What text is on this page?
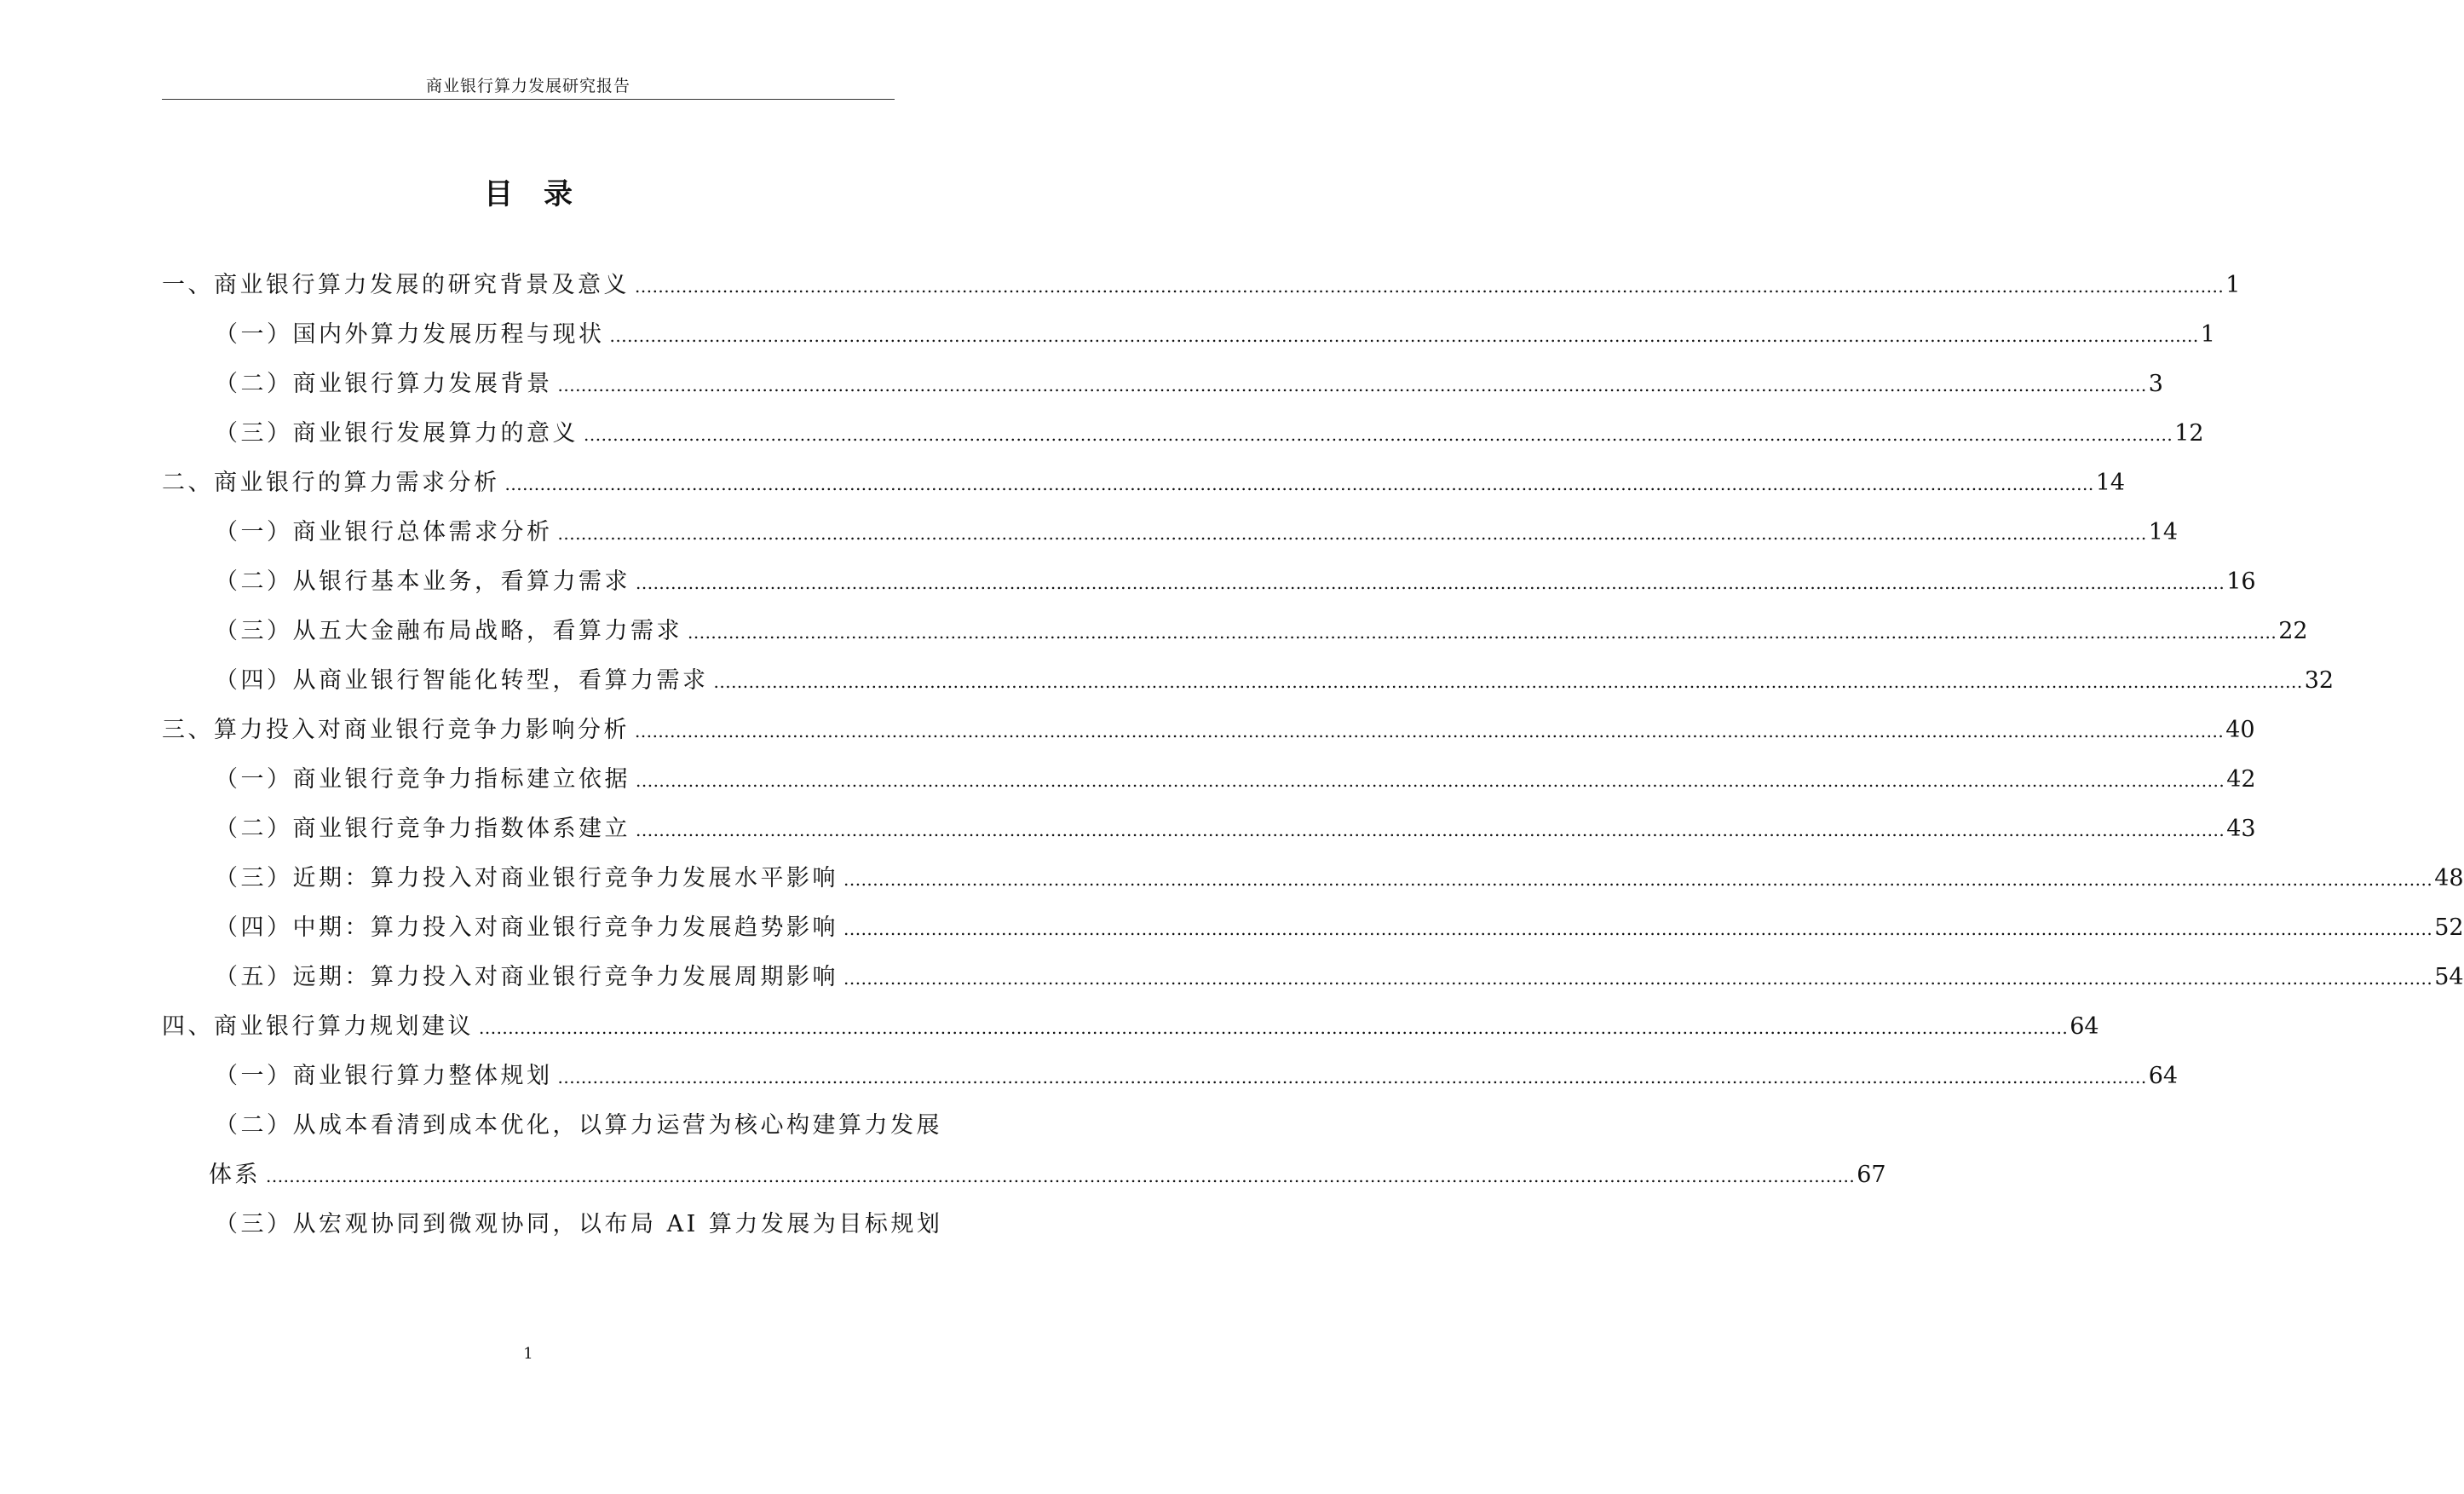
商业银行算力发展研究报告
目 录
一、商业银行算力发展的研究背景及意义 ................................................................................................................................................................................................................................................................................ 1
（一）国内外算力发展历程与现状 ................................................................................................................................................................................................................................................................................ 1
（二）商业银行算力发展背景 ................................................................................................................................................................................................................................................................................ 3
（三）商业银行发展算力的意义 ................................................................................................................................................................................................................................................................................ 12
二、商业银行的算力需求分析 ................................................................................................................................................................................................................................................................................ 14
（一）商业银行总体需求分析 ................................................................................................................................................................................................................................................................................ 14
（二）从银行基本业务，看算力需求 ................................................................................................................................................................................................................................................................................ 16
（三）从五大金融布局战略，看算力需求 ................................................................................................................................................................................................................................................................................ 22
（四）从商业银行智能化转型，看算力需求 ................................................................................................................................................................................................................................................................................ 32
三、算力投入对商业银行竞争力影响分析 ................................................................................................................................................................................................................................................................................ 40
（一）商业银行竞争力指标建立依据 ................................................................................................................................................................................................................................................................................ 42
（二）商业银行竞争力指数体系建立 ................................................................................................................................................................................................................................................................................ 43
（三）近期：算力投入对商业银行竞争力发展水平影响 ................................................................................................................................................................................................................................................................................ 48
（四）中期：算力投入对商业银行竞争力发展趋势影响 ................................................................................................................................................................................................................................................................................ 52
（五）远期：算力投入对商业银行竞争力发展周期影响 ................................................................................................................................................................................................................................................................................ 54
四、商业银行算力规划建议 ................................................................................................................................................................................................................................................................................ 64
（一）商业银行算力整体规划 ................................................................................................................................................................................................................................................................................ 64
（二）从成本看清到成本优化，以算力运营为核心构建算力发展
体系 ................................................................................................................................................................................................................................................................................ 67
（三）从宏观协同到微观协同，以布局 AI 算力发展为目标规划
1
